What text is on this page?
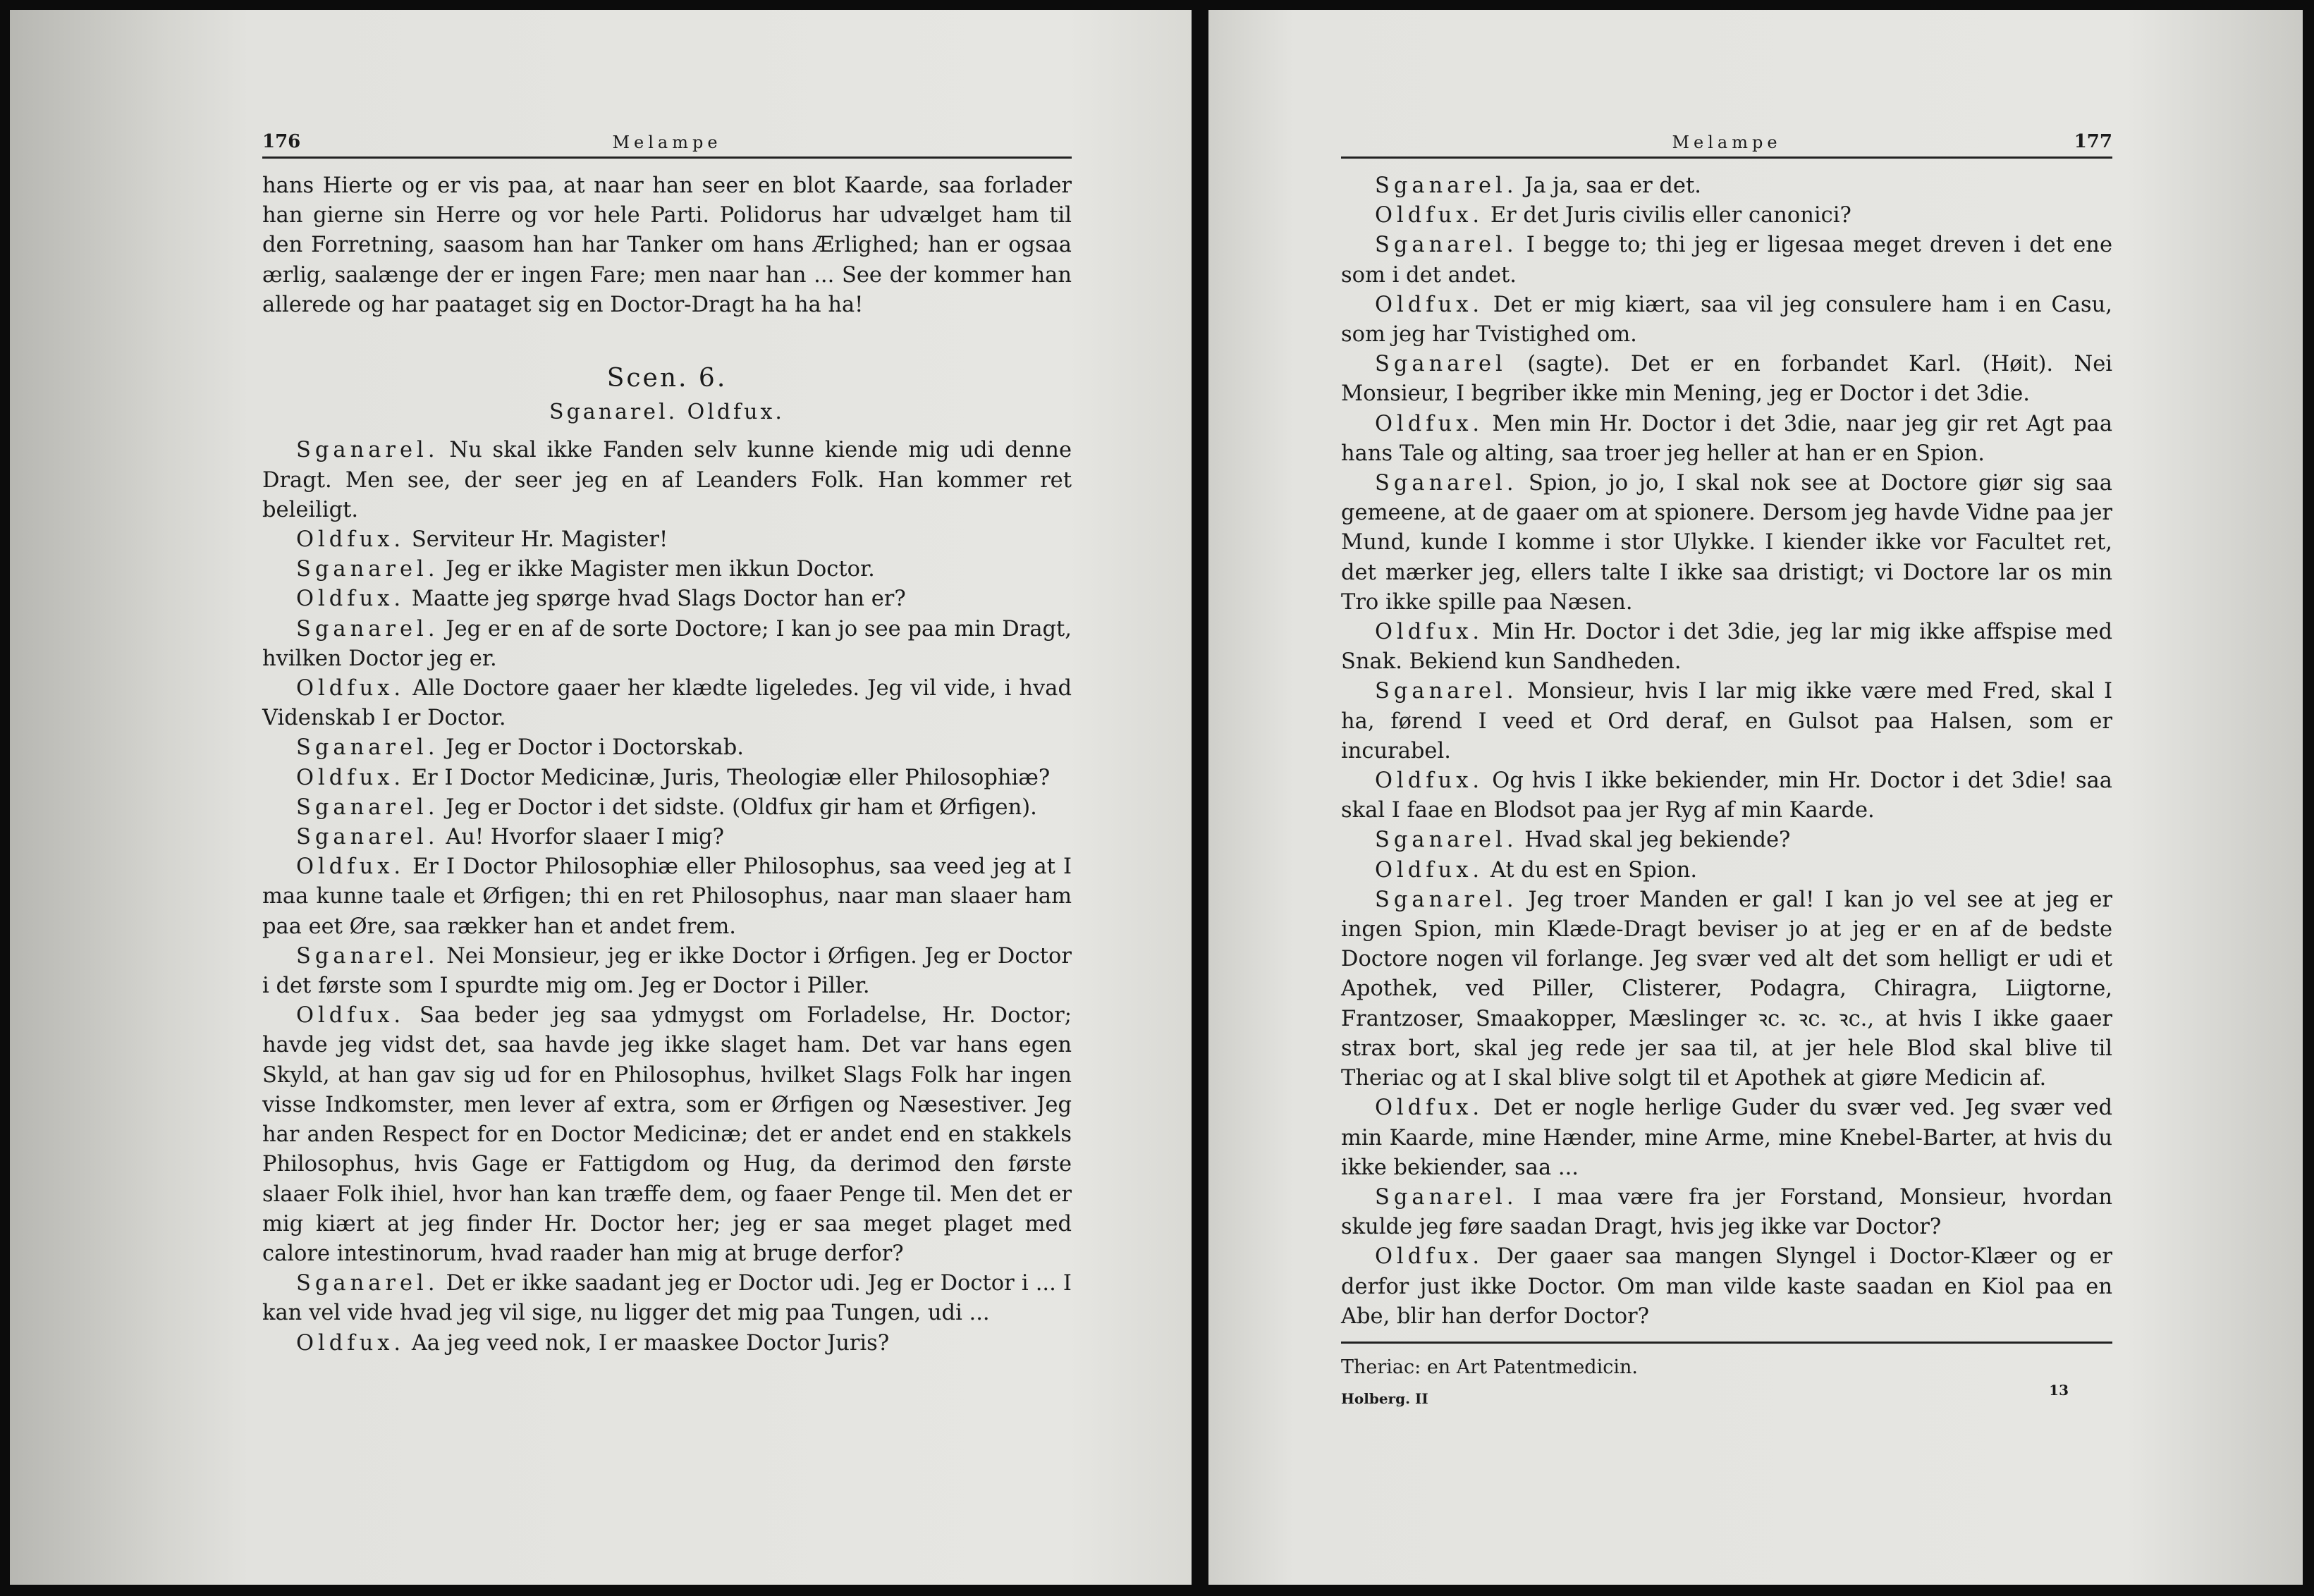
176	Melampe

hans Hierte og er vis paa, at naar han seer en blot Kaarde, saa forlader han gierne sin Herre og vor hele Parti. Polidorus har udvælget ham til den Forretning, saasom han har Tanker om hans Ærlighed; han er ogsaa ærlig, saalænge der er ingen Fare; men naar han ... See der kommer han allerede og har paataget sig en Doctor-Dragt ha ha ha!

Scen. 6.
Sganarel. Oldfux.

Sganarel. Nu skal ikke Fanden selv kunne kiende mig udi denne Dragt. Men see, der seer jeg en af Leanders Folk. Han kommer ret beleiligt.

Oldfux. Serviteur Hr. Magister!

Sganarel. Jeg er ikke Magister men ikkun Doctor.

Oldfux. Maatte jeg spørge hvad Slags Doctor han er?

Sganarel. Jeg er en af de sorte Doctore; I kan jo see paa min Dragt, hvilken Doctor jeg er.

Oldfux. Alle Doctore gaaer her klædte ligeledes. Jeg vil vide, i hvad Videnskab I er Doctor.

Sganarel. Jeg er Doctor i Doctorskab.

Oldfux. Er I Doctor Medicinæ, Juris, Theologiæ eller Philosophiæ?

Sganarel. Jeg er Doctor i det sidste. (Oldfux gir ham et Ørfigen).

Sganarel. Au! Hvorfor slaaer I mig?

Oldfux. Er I Doctor Philosophiæ eller Philosophus, saa veed jeg at I maa kunne taale et Ørfigen; thi en ret Philosophus, naar man slaaer ham paa eet Øre, saa rækker han et andet frem.

Sganarel. Nei Monsieur, jeg er ikke Doctor i Ørfigen. Jeg er Doctor i det første som I spurdte mig om. Jeg er Doctor i Piller.

Oldfux. Saa beder jeg saa ydmygst om Forladelse, Hr. Doctor; havde jeg vidst det, saa havde jeg ikke slaget ham. Det var hans egen Skyld, at han gav sig ud for en Philosophus, hvilket Slags Folk har ingen visse Indkomster, men lever af extra, som er Ørfigen og Næsestiver. Jeg har anden Respect for en Doctor Medicinæ; det er andet end en stakkels Philosophus, hvis Gage er Fattigdom og Hug, da derimod den første slaaer Folk ihiel, hvor han kan træffe dem, og faaer Penge til. Men det er mig kiært at jeg finder Hr. Doctor her; jeg er saa meget plaget med calore intestinorum, hvad raader han mig at bruge derfor?

Sganarel. Det er ikke saadant jeg er Doctor udi. Jeg er Doctor i ... I kan vel vide hvad jeg vil sige, nu ligger det mig paa Tungen, udi ...

Oldfux. Aa jeg veed nok, I er maaskee Doctor Juris?

Melampe	177

Sganarel. Ja ja, saa er det.

Oldfux. Er det Juris civilis eller canonici?

Sganarel. I begge to; thi jeg er ligesaa meget dreven i det ene som i det andet.

Oldfux. Det er mig kiært, saa vil jeg consulere ham i en Casu, som jeg har Tvistighed om.

Sganarel (sagte). Det er en forbandet Karl. (Høit). Nei Monsieur, I begriber ikke min Mening, jeg er Doctor i det 3die.

Oldfux. Men min Hr. Doctor i det 3die, naar jeg gir ret Agt paa hans Tale og alting, saa troer jeg heller at han er en Spion.

Sganarel. Spion, jo jo, I skal nok see at Doctore giør sig saa gemeene, at de gaaer om at spionere. Dersom jeg havde Vidne paa jer Mund, kunde I komme i stor Ulykke. I kiender ikke vor Facultet ret, det mærker jeg, ellers talte I ikke saa dristigt; vi Doctore lar os min Tro ikke spille paa Næsen.

Oldfux. Min Hr. Doctor i det 3die, jeg lar mig ikke affspise med Snak. Bekiend kun Sandheden.

Sganarel. Monsieur, hvis I lar mig ikke være med Fred, skal I ha, førend I veed et Ord deraf, en Gulsot paa Halsen, som er incurabel.

Oldfux. Og hvis I ikke bekiender, min Hr. Doctor i det 3die! saa skal I faae en Blodsot paa jer Ryg af min Kaarde.

Sganarel. Hvad skal jeg bekiende?

Oldfux. At du est en Spion.

Sganarel. Jeg troer Manden er gal! I kan jo vel see at jeg er ingen Spion, min Klæde-Dragt beviser jo at jeg er en af de bedste Doctore nogen vil forlange. Jeg svær ved alt det som helligt er udi et Apothek, ved Piller, Clisterer, Podagra, Chiragra, Liigtorne, Frantzoser, Smaakopper, Mæslinger ꝛc. ꝛc. ꝛc., at hvis I ikke gaaer strax bort, skal jeg rede jer saa til, at jer hele Blod skal blive til Theriac og at I skal blive solgt til et Apothek at giøre Medicin af.

Oldfux. Det er nogle herlige Guder du svær ved. Jeg svær ved min Kaarde, mine Hænder, mine Arme, mine Knebel-Barter, at hvis du ikke bekiender, saa ...

Sganarel. I maa være fra jer Forstand, Monsieur, hvordan skulde jeg føre saadan Dragt, hvis jeg ikke var Doctor?

Oldfux. Der gaaer saa mangen Slyngel i Doctor-Klæer og er derfor just ikke Doctor. Om man vilde kaste saadan en Kiol paa en Abe, blir han derfor Doctor?

Theriac: en Art Patentmedicin.
Holberg. II	13
